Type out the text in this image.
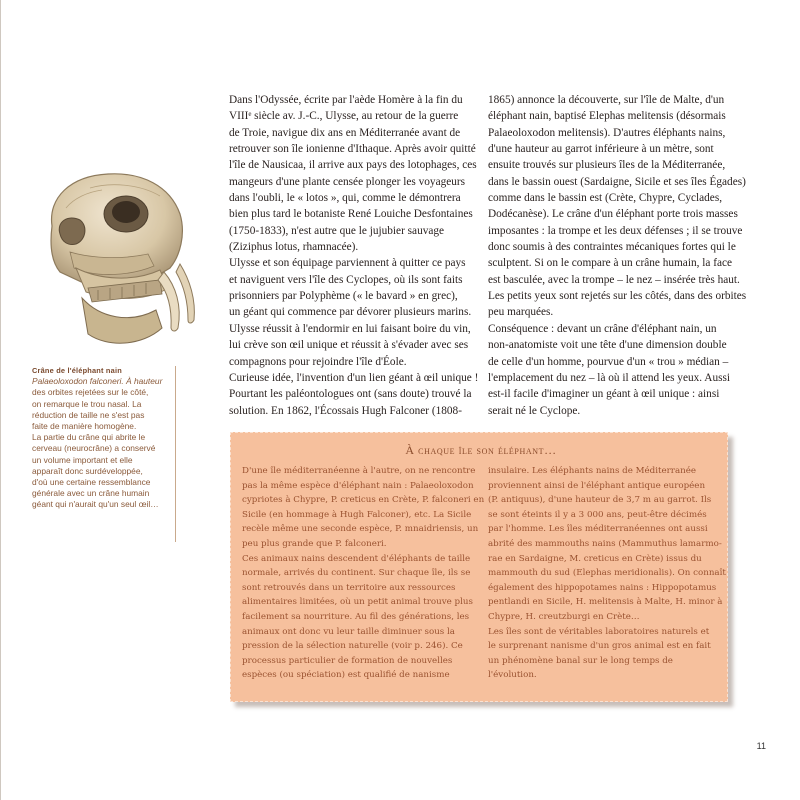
Crâne de l'éléphant nain
Palaeoloxodon falconeri. À hauteur
des orbites rejetées sur le côté,
on remarque le trou nasal. La
réduction de taille ne s'est pas
faite de manière homogène.
La partie du crâne qui abrite le
cerveau (neurocrâne) a conservé
un volume important et elle
apparaît donc surdéveloppée,
d'où une certaine ressemblance
générale avec un crâne humain
géant qui n'aurait qu'un seul œil…
Dans l'Odyssée, écrite par l'aède Homère à la fin du
VIIIᵉ siècle av. J.-C., Ulysse, au retour de la guerre
de Troie, navigue dix ans en Méditerranée avant de
retrouver son île ionienne d'Ithaque. Après avoir quitté
l'île de Nausicaa, il arrive aux pays des lotophages, ces
mangeurs d'une plante censée plonger les voyageurs
dans l'oubli, le « lotos », qui, comme le démontrera
bien plus tard le botaniste René Louiche Desfontaines
(1750-1833), n'est autre que le jujubier sauvage
(Ziziphus lotus, rhamnacée).
Ulysse et son équipage parviennent à quitter ce pays
et naviguent vers l'île des Cyclopes, où ils sont faits
prisonniers par Polyphème (« le bavard » en grec),
un géant qui commence par dévorer plusieurs marins.
Ulysse réussit à l'endormir en lui faisant boire du vin,
lui crève son œil unique et réussit à s'évader avec ses
compagnons pour rejoindre l'île d'Éole.
Curieuse idée, l'invention d'un lien géant à œil unique !
Pourtant les paléontologues ont (sans doute) trouvé la
solution. En 1862, l'Écossais Hugh Falconer (1808-
1865) annonce la découverte, sur l'île de Malte, d'un
éléphant nain, baptisé Elephas melitensis (désormais
Palaeoloxodon melitensis). D'autres éléphants nains,
d'une hauteur au garrot inférieure à un mètre, sont
ensuite trouvés sur plusieurs îles de la Méditerranée,
dans le bassin ouest (Sardaigne, Sicile et ses îles Égades)
comme dans le bassin est (Crète, Chypre, Cyclades,
Dodécanèse). Le crâne d'un éléphant porte trois masses
imposantes : la trompe et les deux défenses ; il se trouve
donc soumis à des contraintes mécaniques fortes qui le
sculptent. Si on le compare à un crâne humain, la face
est basculée, avec la trompe – le nez – insérée très haut.
Les petits yeux sont rejetés sur les côtés, dans des orbites
peu marquées.
Conséquence : devant un crâne d'éléphant nain, un
non-anatomiste voit une tête d'une dimension double
de celle d'un homme, pourvue d'un « trou » médian –
l'emplacement du nez – là où il attend les yeux. Aussi
est-il facile d'imaginer un géant à œil unique : ainsi
serait né le Cyclope.
À chaque île son éléphant…
D'une île méditerranéenne à l'autre, on ne rencontre
pas la même espèce d'éléphant nain : Palaeoloxodon
cypriotes à Chypre, P. creticus en Crète, P. falconeri en
Sicile (en hommage à Hugh Falconer), etc. La Sicile
recèle même une seconde espèce, P. mnaidriensis, un
peu plus grande que P. falconeri.
Ces animaux nains descendent d'éléphants de taille
normale, arrivés du continent. Sur chaque île, ils se
sont retrouvés dans un territoire aux ressources
alimentaires limitées, où un petit animal trouve plus
facilement sa nourriture. Au fil des générations, les
animaux ont donc vu leur taille diminuer sous la
pression de la sélection naturelle (voir p. 246). Ce
processus particulier de formation de nouvelles
espèces (ou spéciation) est qualifié de nanisme
insulaire. Les éléphants nains de Méditerranée
proviennent ainsi de l'éléphant antique européen
(P. antiquus), d'une hauteur de 3,7 m au garrot. Ils
se sont éteints il y a 3 000 ans, peut-être décimés
par l'homme. Les îles méditerranéennes ont aussi
abrité des mammouths nains (Mammuthus lamarmo-
rae en Sardaigne, M. creticus en Crète) issus du
mammouth du sud (Elephas meridionalis). On connaît
également des hippopotames nains : Hippopotamus
pentlandi en Sicile, H. melitensis à Malte, H. minor à
Chypre, H. creutzburgi en Crète…
Les îles sont de véritables laboratoires naturels et
le surprenant nanisme d'un gros animal est en fait
un phénomène banal sur le long temps de
l'évolution.
11
